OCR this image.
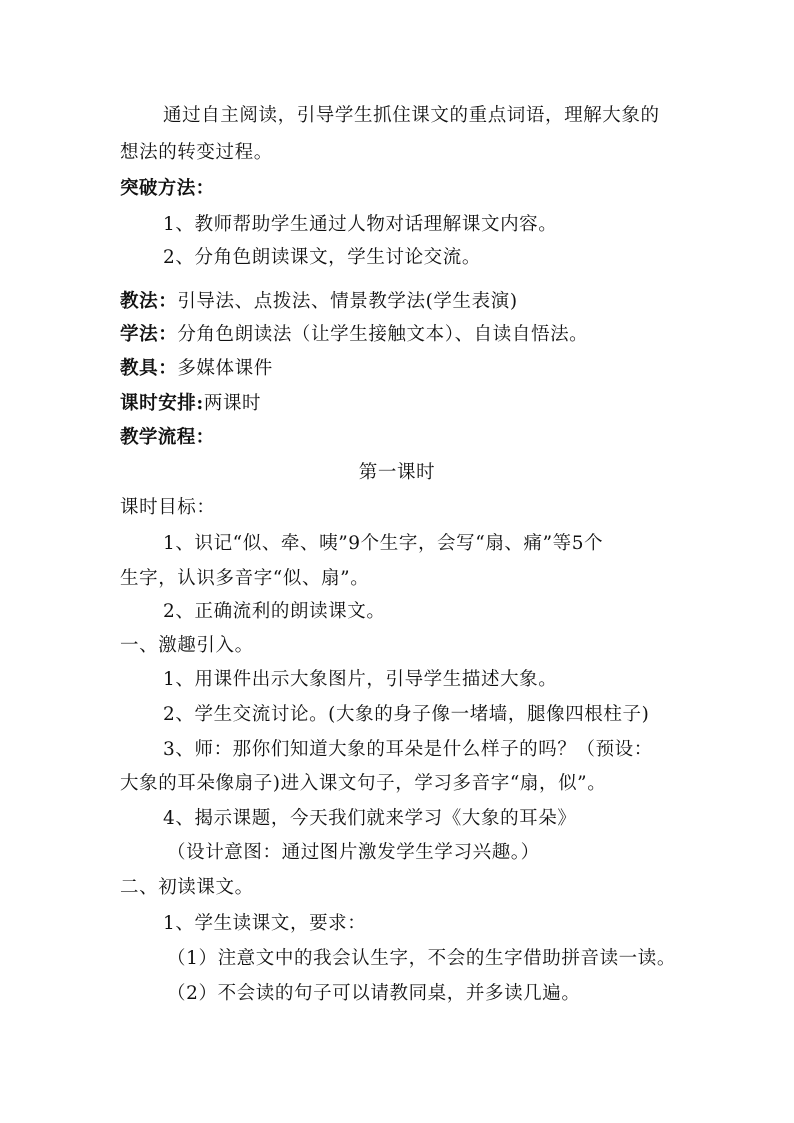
通过自主阅读，引导学生抓住课文的重点词语，理解大象的
想法的转变过程。
突破方法：
1、教师帮助学生通过人物对话理解课文内容。
2、分角色朗读课文，学生讨论交流。
教法：引导法、点拨法、情景教学法(学生表演)
学法：分角色朗读法（让学生接触文本）、自读自悟法。
教具：多媒体课件
课时安排:两课时
教学流程：
第一课时
课时目标：
1、识记“似、牵、咦”9个生字，会写“扇、痛”等5个
生字，认识多音字“似、扇”。
2、正确流利的朗读课文。
一、激趣引入。
1、用课件出示大象图片，引导学生描述大象。
2、学生交流讨论。(大象的身子像一堵墙，腿像四根柱子)
3、师：那你们知道大象的耳朵是什么样子的吗？（预设：
大象的耳朵像扇子)进入课文句子，学习多音字“扇，似”。
4、揭示课题，今天我们就来学习《大象的耳朵》
（设计意图：通过图片激发学生学习兴趣。）
二、初读课文。
1、学生读课文，要求：
（1）注意文中的我会认生字，不会的生字借助拼音读一读。
（2）不会读的句子可以请教同桌，并多读几遍。
